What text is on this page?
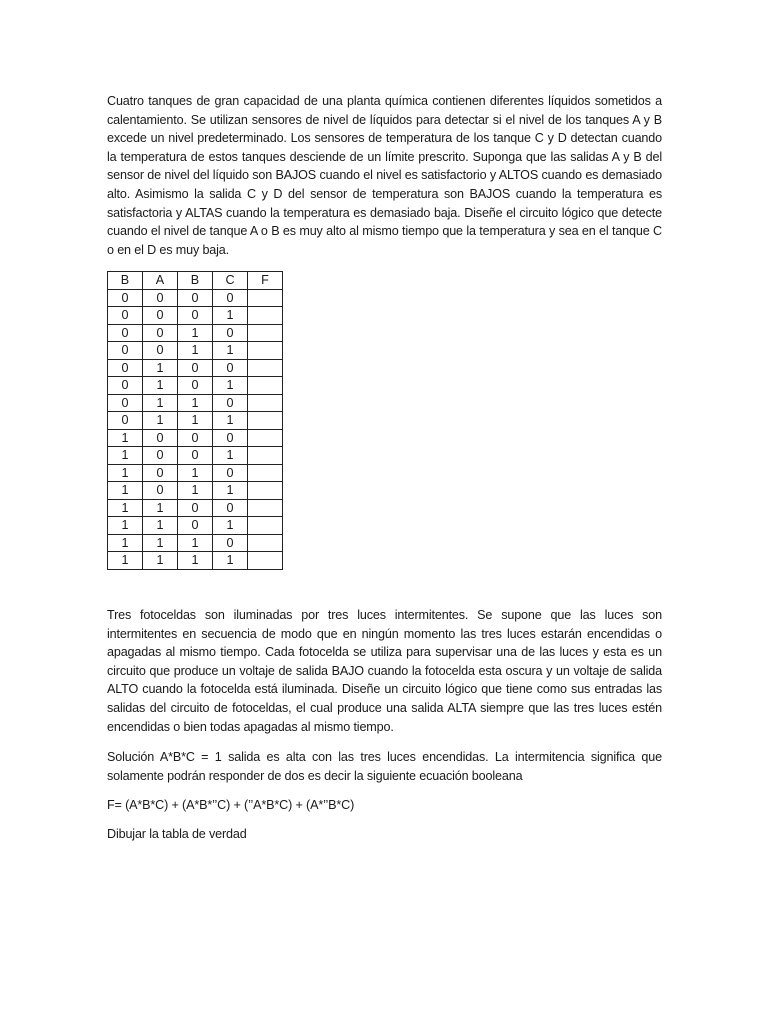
Cuatro tanques de gran capacidad de una planta química contienen diferentes líquidos sometidos a calentamiento. Se utilizan sensores de nivel de líquidos para detectar si el nivel de los tanques A y B excede un nivel predeterminado. Los sensores de temperatura de los tanque C y D detectan cuando la temperatura de estos tanques desciende de un límite prescrito. Suponga que las salidas A y B del sensor de nivel del líquido son BAJOS cuando el nivel es satisfactorio y ALTOS cuando es demasiado alto. Asimismo la salida C y D del sensor de temperatura son BAJOS cuando la temperatura es satisfactoria y ALTAS cuando la temperatura es demasiado baja. Diseñe el circuito lógico que detecte cuando el nivel de tanque A o B es muy alto al mismo tiempo que la temperatura y sea en el tanque C o en el D es muy baja.

B	A	B	C	F
0	0	0	0	
0	0	0	1	
0	0	1	0	
0	0	1	1	
0	1	0	0	
0	1	0	1	
0	1	1	0	
0	1	1	1	
1	0	0	0	
1	0	0	1	
1	0	1	0	
1	0	1	1	
1	1	0	0	
1	1	0	1	
1	1	1	0	
1	1	1	1	

Tres fotoceldas son iluminadas por tres luces intermitentes. Se supone que las luces son intermitentes en secuencia de modo que en ningún momento las tres luces estarán encendidas o apagadas al mismo tiempo. Cada fotocelda se utiliza para supervisar una de las luces y esta es un circuito que produce un voltaje de salida BAJO cuando la fotocelda esta oscura y un voltaje de salida ALTO cuando la fotocelda está iluminada. Diseñe un circuito lógico que tiene como sus entradas las salidas del circuito de fotoceldas, el cual produce una salida ALTA siempre que las tres luces estén encendidas o bien todas apagadas al mismo tiempo.

Solución A*B*C = 1 salida es alta con las tres luces encendidas. La intermitencia significa que solamente podrán responder de dos es decir la siguiente ecuación booleana

F= (A*B*C) + (A*B*’’C) + (’’A*B*C) + (A*’’B*C)

Dibujar la tabla de verdad
